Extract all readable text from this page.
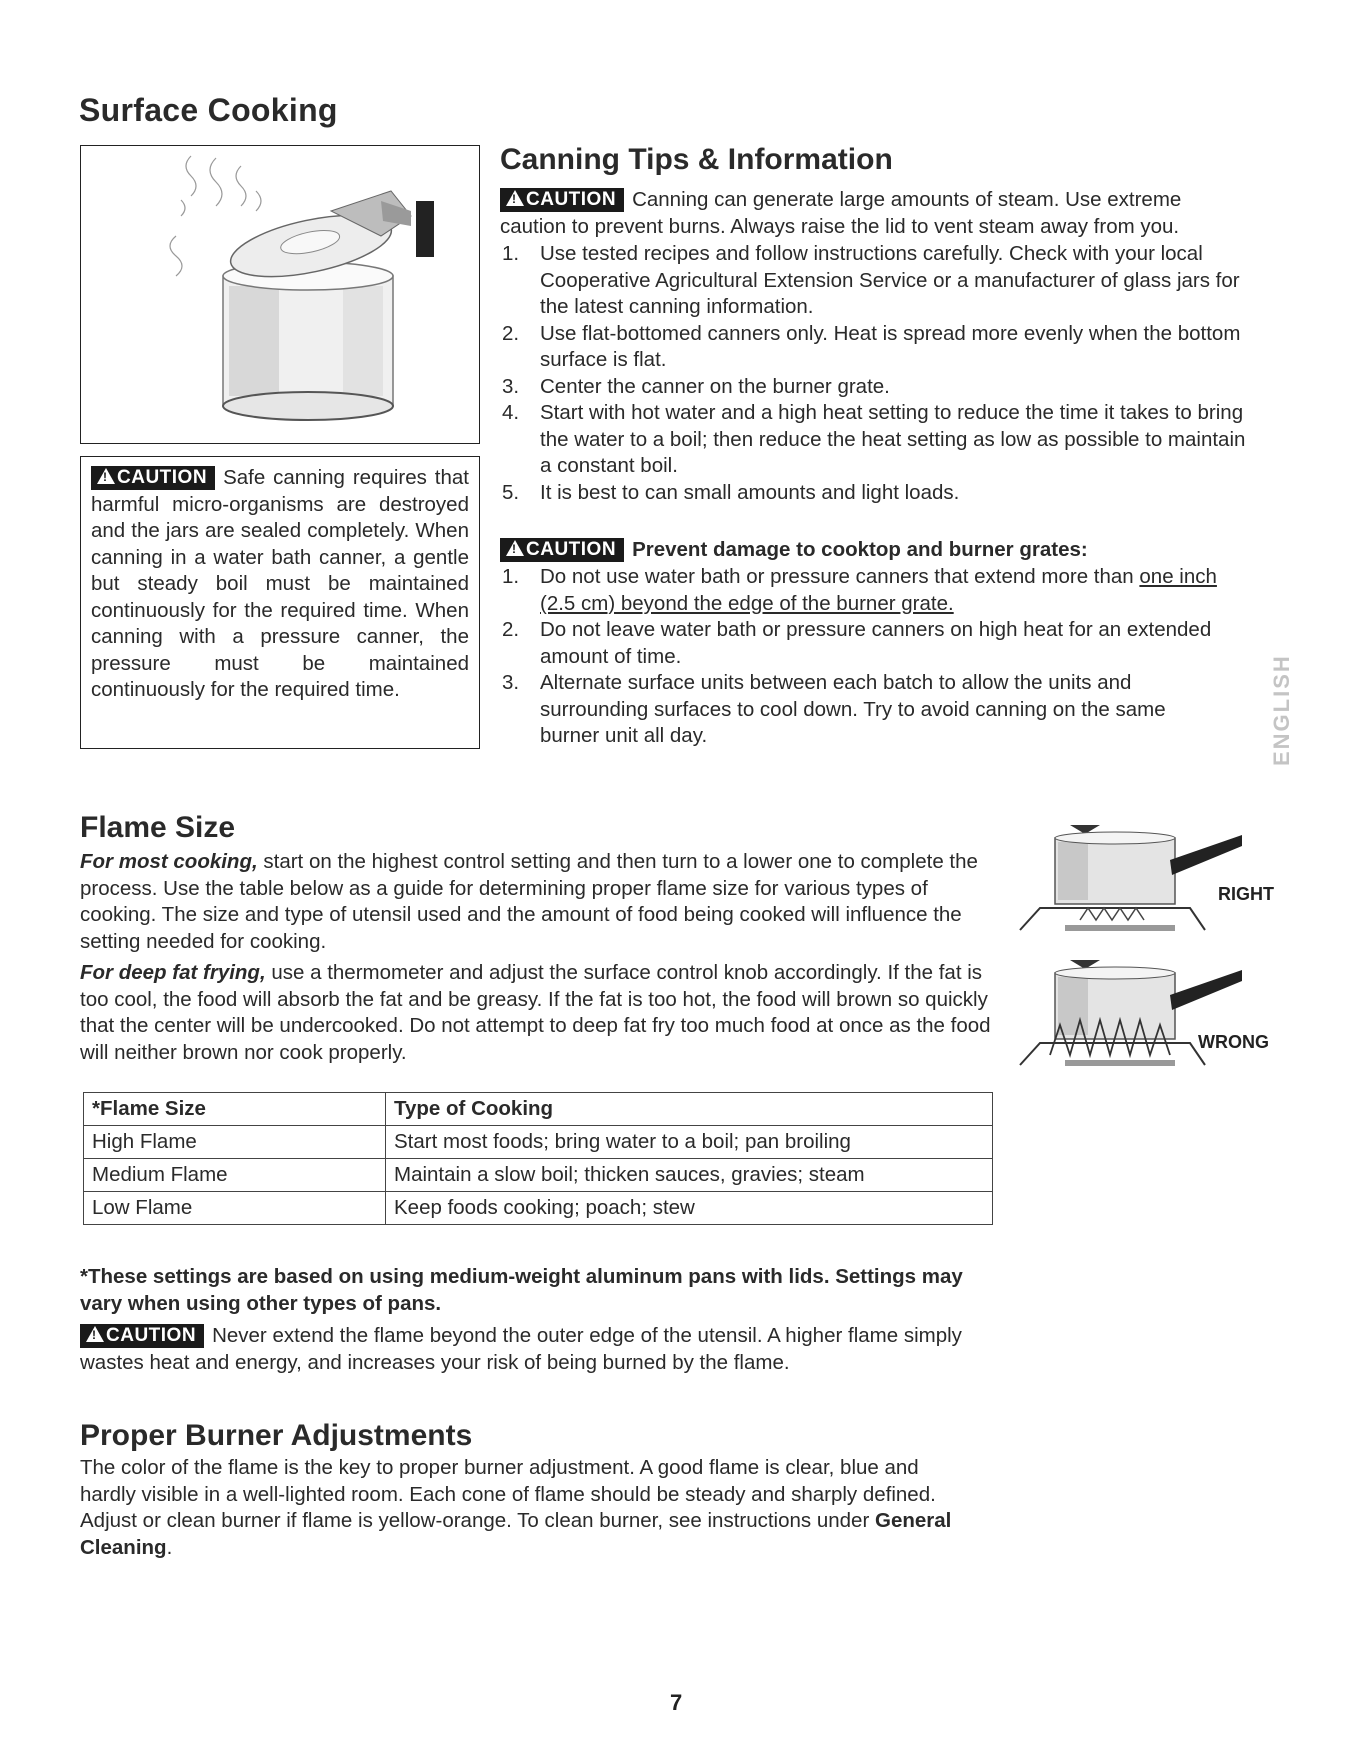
Surface Cooking
!CAUTION Safe canning requires that harmful micro-organisms are destroyed and the jars are sealed completely. When canning in a water bath canner, a gentle but steady boil must be maintained continuously for the required time. When canning with a pressure canner, the pressure must be maintained continuously for the required time.
Canning Tips & Information
!CAUTION Canning can generate large amounts of steam. Use extreme caution to prevent burns. Always raise the lid to vent steam away from you.
1. Use tested recipes and follow instructions carefully. Check with your local Cooperative Agricultural Extension Service or a manufacturer of glass jars for the latest canning information.
2. Use flat-bottomed canners only. Heat is spread more evenly when the bottom surface is flat.
3. Center the canner on the burner grate.
4. Start with hot water and a high heat setting to reduce the time it takes to bring the water to a boil; then reduce the heat setting as low as possible to maintain a constant boil.
5. It is best to can small amounts and light loads.
!CAUTION Prevent damage to cooktop and burner grates:
1. Do not use water bath or pressure canners that extend more than one inch (2.5 cm) beyond the edge of the burner grate.
2. Do not leave water bath or pressure canners on high heat for an extended amount of time.
3. Alternate surface units between each batch to allow the units and surrounding surfaces to cool down. Try to avoid canning on the same burner unit all day.	ENGLISH
Flame Size
For most cooking, start on the highest control setting and then turn to a lower one to complete the process. Use the table below as a guide for determining proper flame size for various types of cooking. The size and type of utensil used and the amount of food being cooked will influence the setting needed for cooking.
For deep fat frying, use a thermometer and adjust the surface control knob accordingly. If the fat is too cool, the food will absorb the fat and be greasy. If the fat is too hot, the food will brown so quickly that the center will be undercooked. Do not attempt to deep fat fry too much food at once as the food will neither brown nor cook properly.
RIGHT
WRONG
*Flame Size	Type of Cooking
High Flame	Start most foods; bring water to a boil; pan broiling
Medium Flame	Maintain a slow boil; thicken sauces, gravies; steam
Low Flame	Keep foods cooking; poach; stew
*These settings are based on using medium-weight aluminum pans with lids. Settings may vary when using other types of pans.
!CAUTION Never extend the flame beyond the outer edge of the utensil. A higher flame simply wastes heat and energy, and increases your risk of being burned by the flame.
Proper Burner Adjustments
The color of the flame is the key to proper burner adjustment. A good flame is clear, blue and hardly visible in a well-lighted room. Each cone of flame should be steady and sharply defined. Adjust or clean burner if flame is yellow-orange. To clean burner, see instructions under General Cleaning.
7
